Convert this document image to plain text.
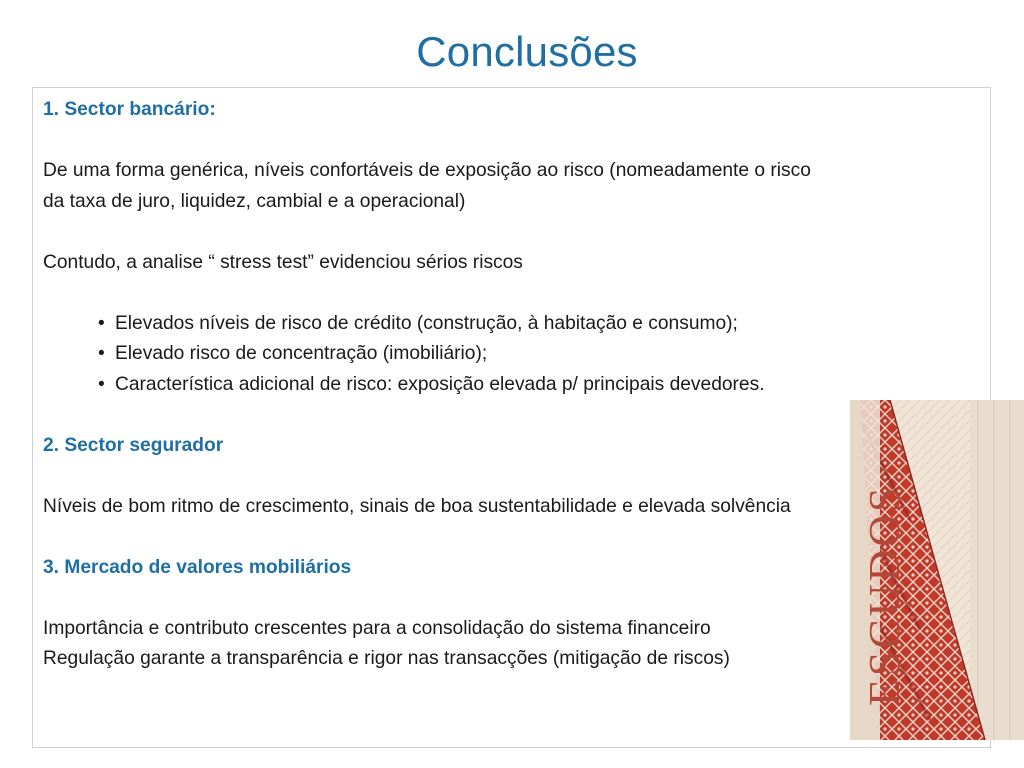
Conclusões
ESCUDOS

1. Sector bancário:

De uma forma genérica, níveis confortáveis de exposição ao risco (nomeadamente o risco

da taxa de juro, liquidez, cambial e a operacional)

Contudo, a analise “ stress test” evidenciou sérios riscos

• Elevados níveis de risco de crédito (construção, à habitação e consumo);
• Elevado risco de concentração (imobiliário);
• Característica adicional de risco: exposição elevada p/ principais devedores.

2. Sector segurador

Níveis de bom ritmo de crescimento, sinais de boa sustentabilidade e elevada solvência

3. Mercado de valores mobiliários

Importância e contributo crescentes para a consolidação do sistema financeiro

Regulação garante a transparência e rigor nas transacções (mitigação de riscos)
